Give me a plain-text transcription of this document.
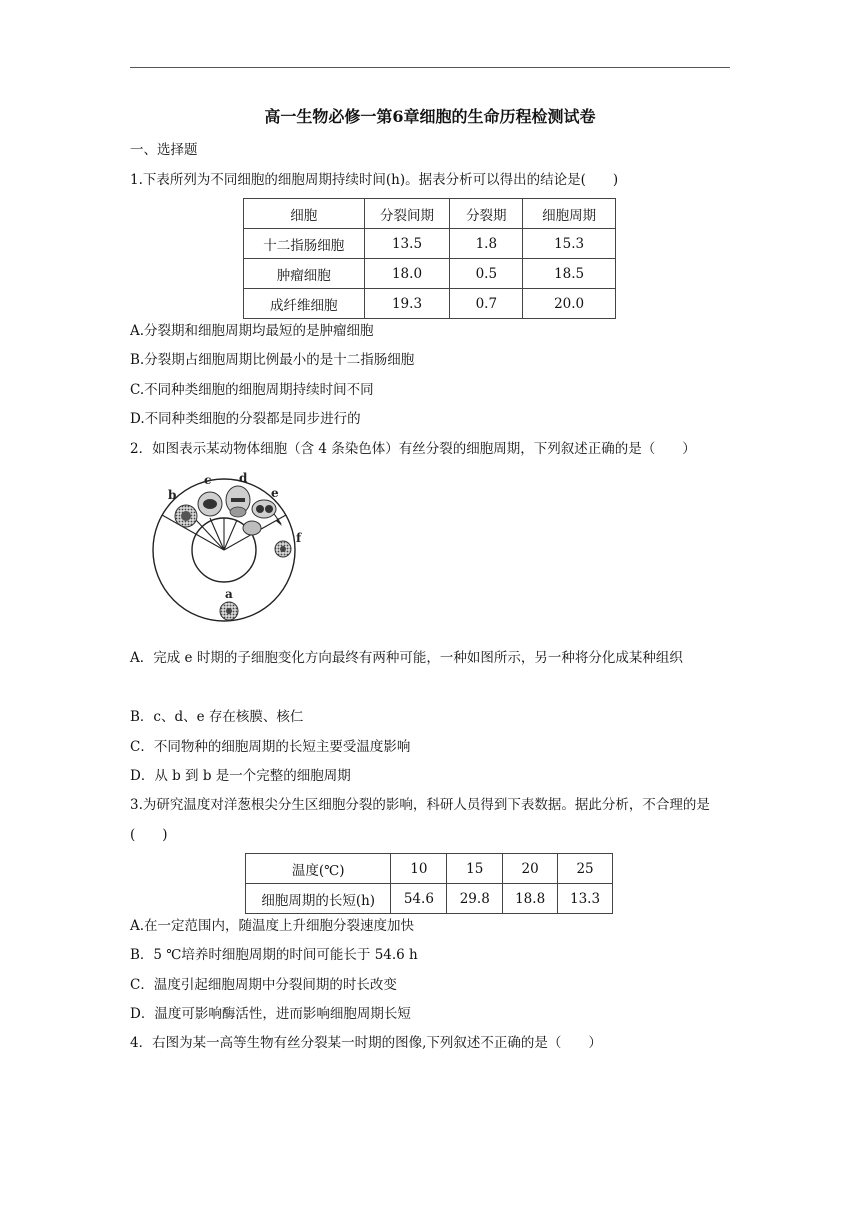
高一生物必修一第6章细胞的生命历程检测试卷
一、选择题
1.下表所列为不同细胞的细胞周期持续时间(h)。据表分析可以得出的结论是(　　)
细胞	分裂间期	分裂期	细胞周期
十二指肠细胞	13.5	1.8	15.3
肿瘤细胞	18.0	0.5	18.5
成纤维细胞	19.3	0.7	20.0
A.分裂期和细胞周期均最短的是肿瘤细胞
B.分裂期占细胞周期比例最小的是十二指肠细胞
C.不同种类细胞的细胞周期持续时间不同
D.不同种类细胞的分裂都是同步进行的
2．如图表示某动物体细胞（含 4 条染色体）有丝分裂的细胞周期，下列叙述正确的是（　　）
b
c d
e
f
a
A．完成 e 时期的子细胞变化方向最终有两种可能，一种如图所示，另一种将分化成某种组织
B．c、d、e 存在核膜、核仁
C．不同物种的细胞周期的长短主要受温度影响
D．从 b 到 b 是一个完整的细胞周期
3.为研究温度对洋葱根尖分生区细胞分裂的影响，科研人员得到下表数据。据此分析，不合理的是(　　)
温度(℃)	10	15	20	25
细胞周期的长短(h)	54.6	29.8	18.8	13.3
A.在一定范围内，随温度上升细胞分裂速度加快
B．5 ℃培养时细胞周期的时间可能长于 54.6 h
C．温度引起细胞周期中分裂间期的时长改变
D．温度可影响酶活性，进而影响细胞周期长短
4．右图为某一高等生物有丝分裂某一时期的图像,下列叙述不正确的是（　　）
